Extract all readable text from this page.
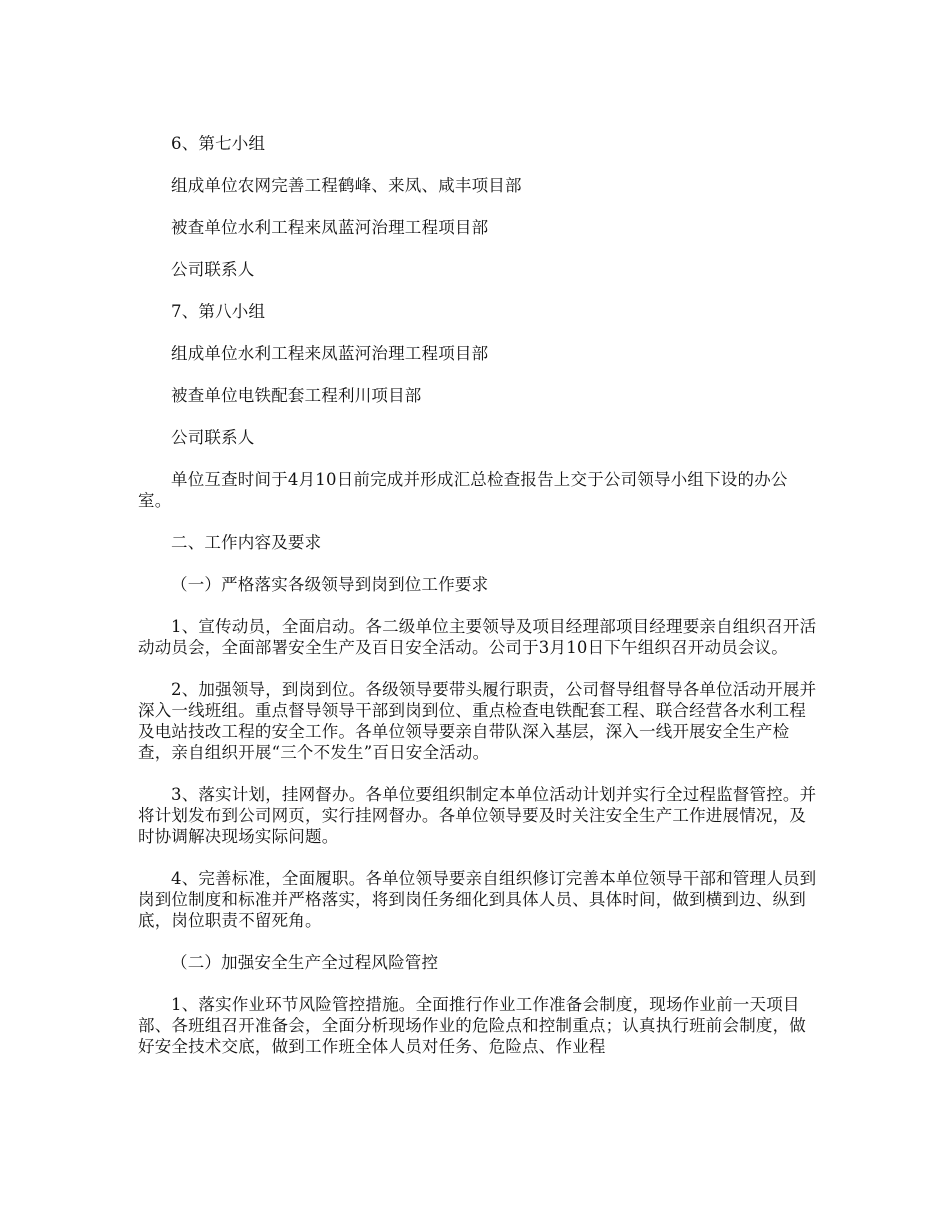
6、第七小组

组成单位农网完善工程鹤峰、来凤、咸丰项目部

被查单位水利工程来凤蓝河治理工程项目部

公司联系人

7、第八小组

组成单位水利工程来凤蓝河治理工程项目部

被查单位电铁配套工程利川项目部

公司联系人

单位互查时间于4月10日前完成并形成汇总检查报告上交于公司领导小组下设的办公室。

二、工作内容及要求

（一）严格落实各级领导到岗到位工作要求

1、宣传动员，全面启动。各二级单位主要领导及项目经理部项目经理要亲自组织召开活动动员会，全面部署安全生产及百日安全活动。公司于3月10日下午组织召开动员会议。

2、加强领导，到岗到位。各级领导要带头履行职责，公司督导组督导各单位活动开展并深入一线班组。重点督导领导干部到岗到位、重点检查电铁配套工程、联合经营各水利工程及电站技改工程的安全工作。各单位领导要亲自带队深入基层，深入一线开展安全生产检查，亲自组织开展“三个不发生”百日安全活动。

3、落实计划，挂网督办。各单位要组织制定本单位活动计划并实行全过程监督管控。并将计划发布到公司网页，实行挂网督办。各单位领导要及时关注安全生产工作进展情况，及时协调解决现场实际问题。

4、完善标准，全面履职。各单位领导要亲自组织修订完善本单位领导干部和管理人员到岗到位制度和标准并严格落实，将到岗任务细化到具体人员、具体时间，做到横到边、纵到底，岗位职责不留死角。

（二）加强安全生产全过程风险管控

1、落实作业环节风险管控措施。全面推行作业工作准备会制度，现场作业前一天项目部、各班组召开准备会，全面分析现场作业的危险点和控制重点；认真执行班前会制度，做好安全技术交底，做到工作班全体人员对任务、危险点、作业程
